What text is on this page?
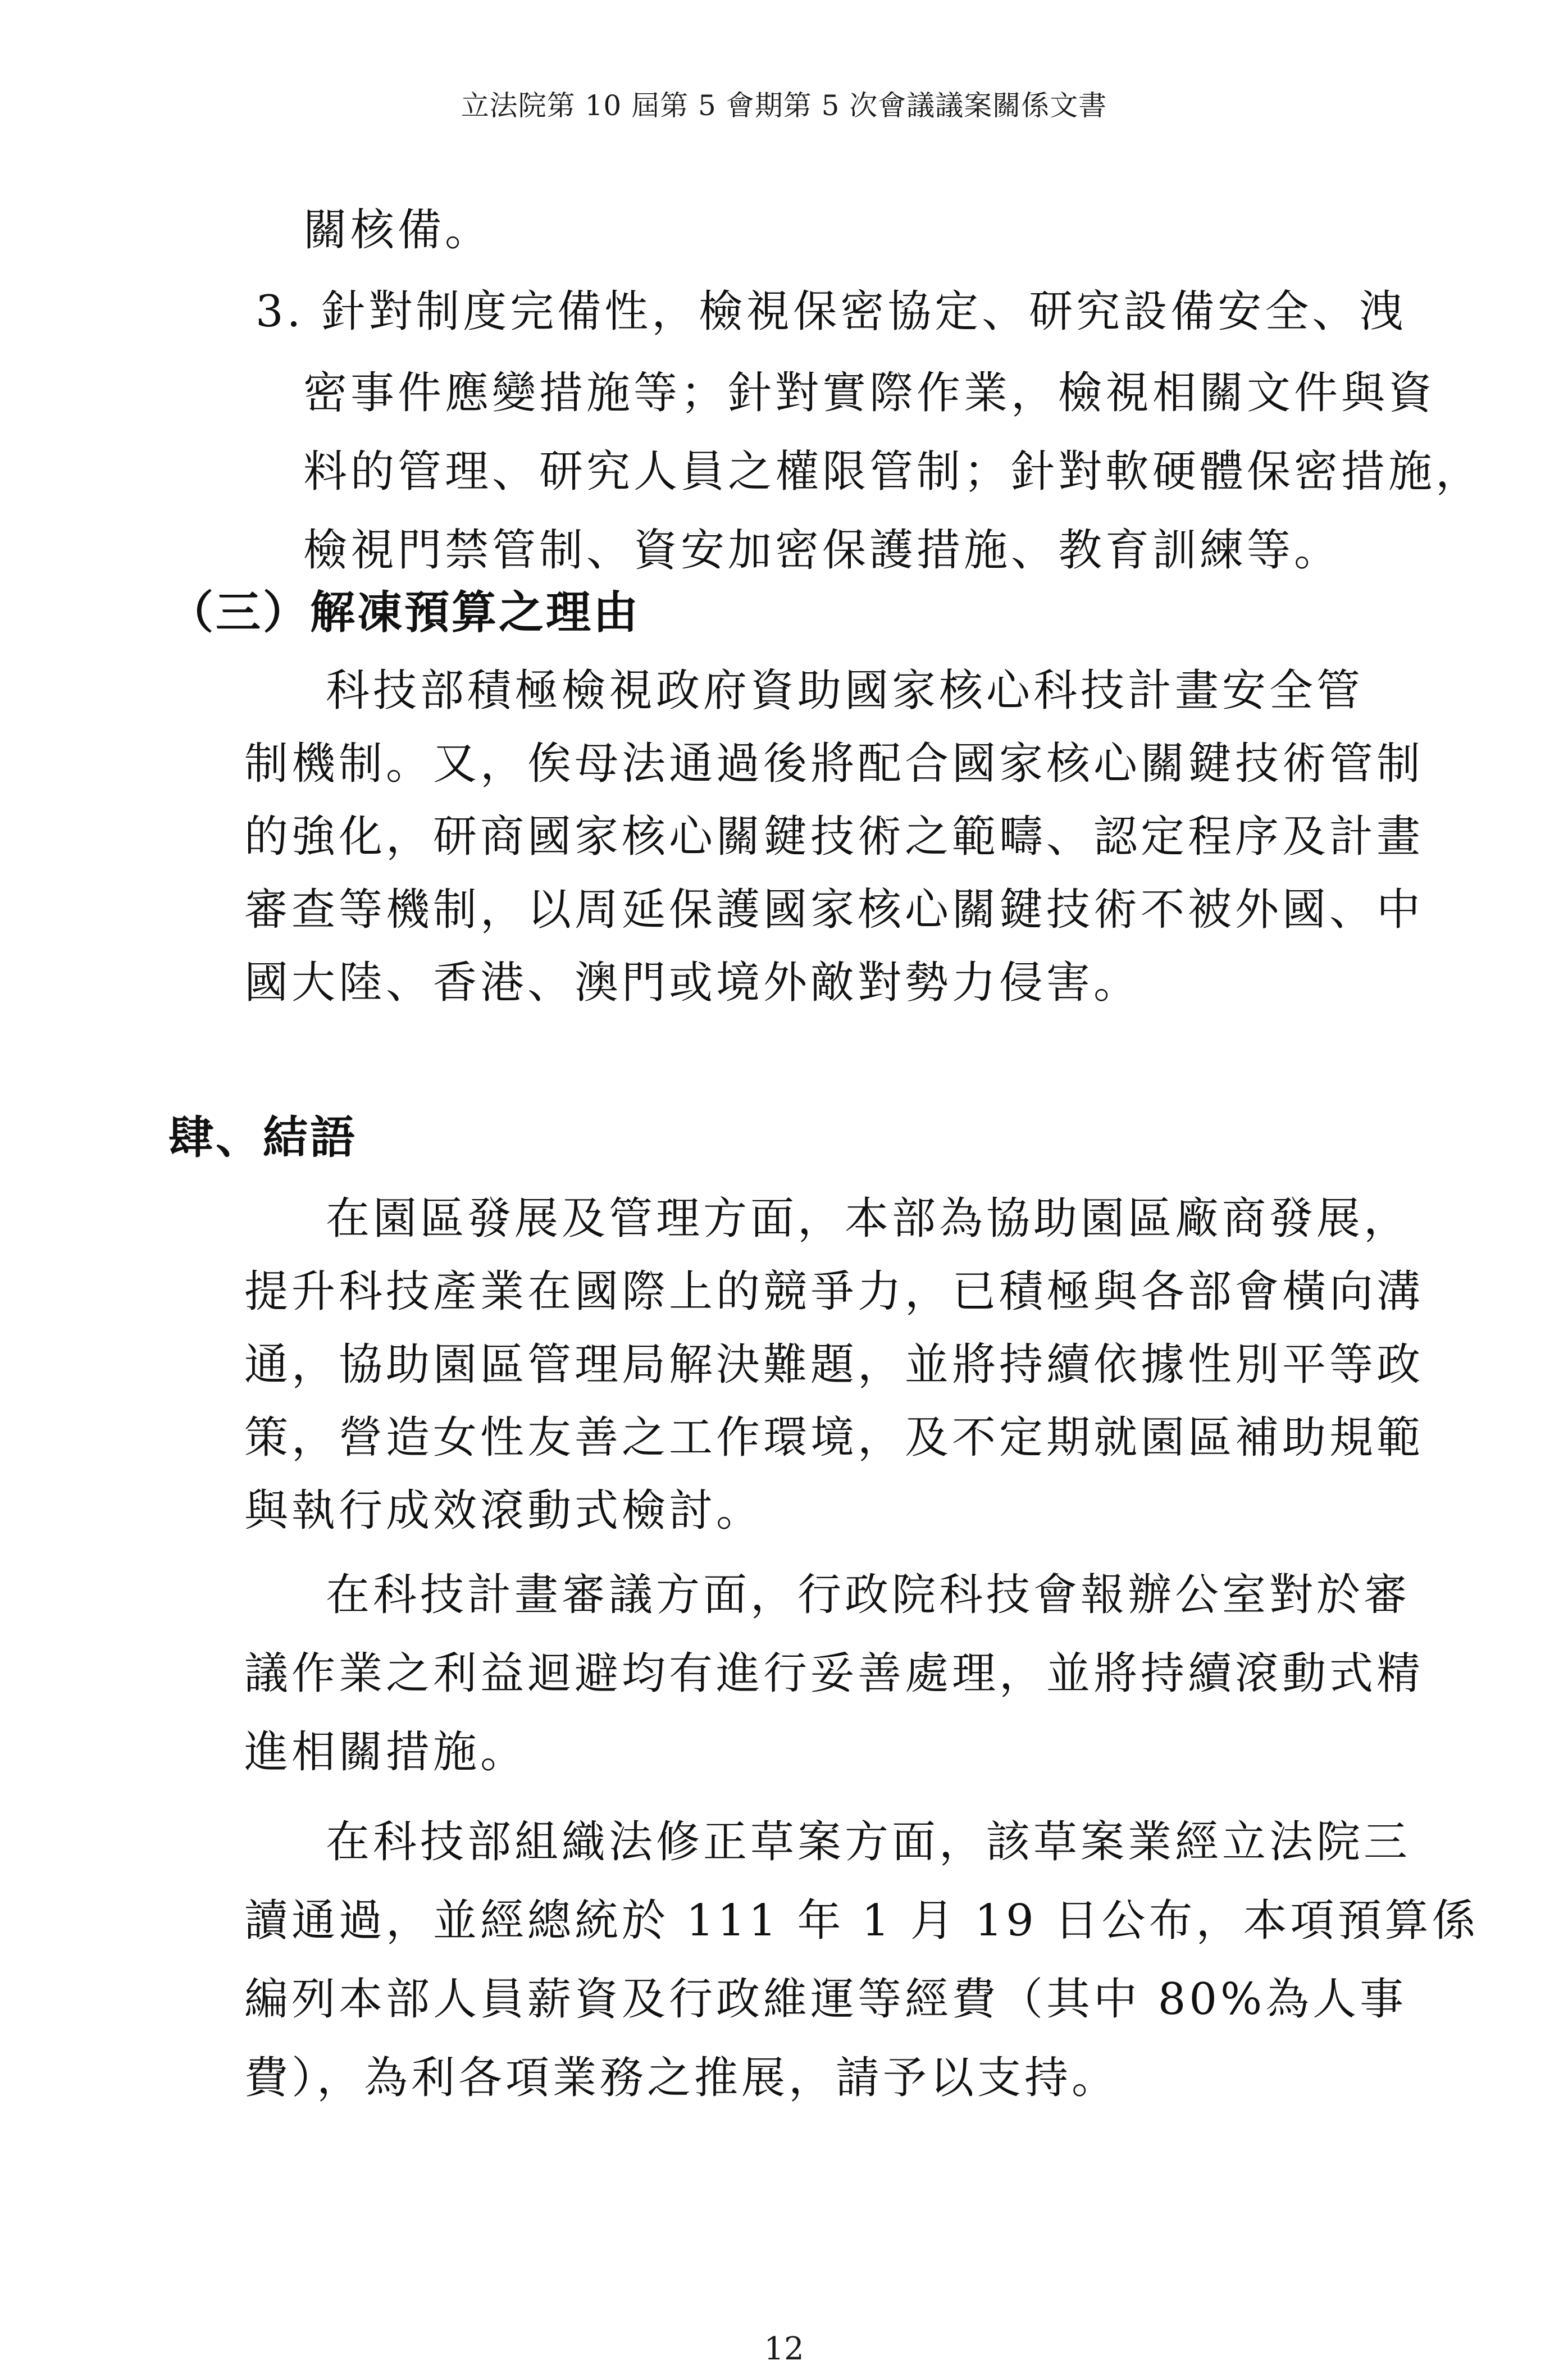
立法院第 10 屆第 5 會期第 5 次會議議案關係文書
關核備。
3. 針對制度完備性，檢視保密協定、研究設備安全、洩
密事件應變措施等；針對實際作業，檢視相關文件與資
料的管理、研究人員之權限管制；針對軟硬體保密措施，
檢視門禁管制、資安加密保護措施、教育訓練等。
（三）解凍預算之理由
科技部積極檢視政府資助國家核心科技計畫安全管
制機制。又，俟母法通過後將配合國家核心關鍵技術管制
的強化，研商國家核心關鍵技術之範疇、認定程序及計畫
審查等機制，以周延保護國家核心關鍵技術不被外國、中
國大陸、香港、澳門或境外敵對勢力侵害。
肆、結語
在園區發展及管理方面，本部為協助園區廠商發展，
提升科技產業在國際上的競爭力，已積極與各部會橫向溝
通，協助園區管理局解決難題，並將持續依據性別平等政
策，營造女性友善之工作環境，及不定期就園區補助規範
與執行成效滾動式檢討。
在科技計畫審議方面，行政院科技會報辦公室對於審
議作業之利益迴避均有進行妥善處理，並將持續滾動式精
進相關措施。
在科技部組織法修正草案方面，該草案業經立法院三
讀通過，並經總統於 111 年 1 月 19 日公布，本項預算係
編列本部人員薪資及行政維運等經費（其中 80%為人事
費），為利各項業務之推展，請予以支持。
12
